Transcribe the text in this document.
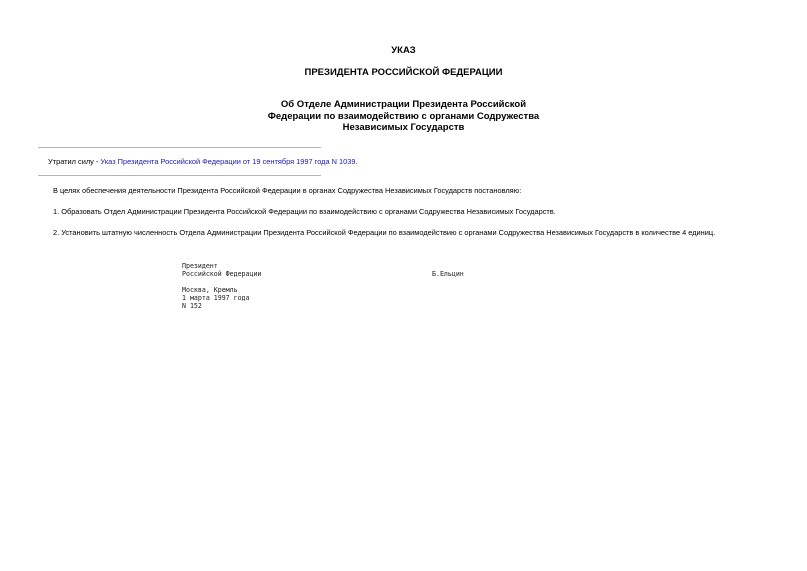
УКАЗ
ПРЕЗИДЕНТА РОССИЙСКОЙ ФЕДЕРАЦИИ
Об Отделе Администрации Президента Российской
Федерации по взаимодействию с органами Содружества
Независимых Государств
Утратил силу - Указ Президента Российской Федерации от 19 сентября 1997 года N 1039.
В целях обеспечения деятельности Президента Российской Федерации в органах Содружества Независимых Государств постановляю:
1. Образовать Отдел Администрации Президента Российской Федерации по взаимодействию с органами Содружества Независимых Государств.
2. Установить штатную численность Отдела Администрации Президента Российской Федерации по взаимодействию с органами Содружества Независимых Государств в количестве 4 единиц.
Президент
Российской Федерации	Б.Ельцин
Москва, Кремль
1 марта 1997 года
N 152
